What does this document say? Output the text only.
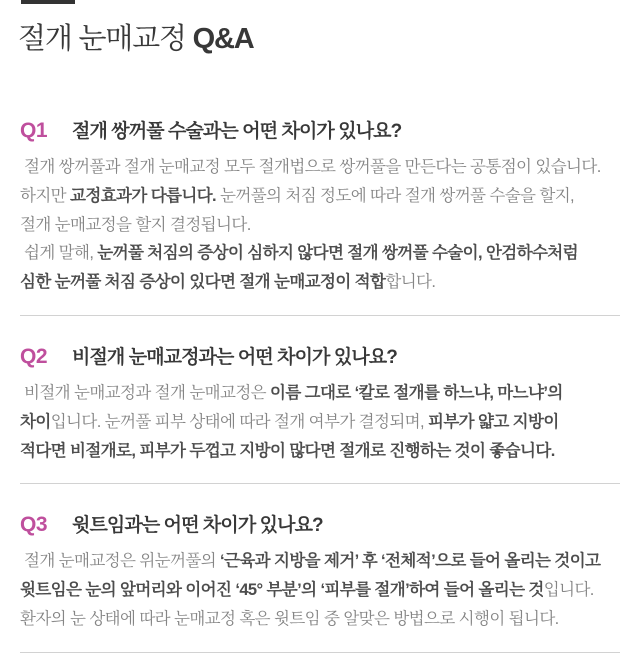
절개 눈매교정 Q&A
Q1	절개 쌍꺼풀 수술과는 어떤 차이가 있나요?
절개 쌍꺼풀과 절개 눈매교정 모두 절개법으로 쌍꺼풀을 만든다는 공통점이 있습니다.
하지만 교정효과가 다릅니다. 눈꺼풀의 처짐 정도에 따라 절개 쌍꺼풀 수술을 할지,
절개 눈매교정을 할지 결정됩니다.
쉽게 말해, 눈꺼풀 처짐의 증상이 심하지 않다면 절개 쌍꺼풀 수술이, 안검하수처럼
심한 눈꺼풀 처짐 증상이 있다면 절개 눈매교정이 적합합니다.
Q2	비절개 눈매교정과는 어떤 차이가 있나요?
비절개 눈매교정과 절개 눈매교정은 이름 그대로 ‘칼로 절개를 하느냐, 마느냐’의
차이입니다. 눈꺼풀 피부 상태에 따라 절개 여부가 결정되며, 피부가 얇고 지방이
적다면 비절개로, 피부가 두껍고 지방이 많다면 절개로 진행하는 것이 좋습니다.
Q3	윗트임과는 어떤 차이가 있나요?
절개 눈매교정은 위눈꺼풀의 ‘근육과 지방을 제거’ 후 ‘전체적’으로 들어 올리는 것이고
윗트임은 눈의 앞머리와 이어진 ‘45° 부분’의 ‘피부를 절개’하여 들어 올리는 것입니다.
환자의 눈 상태에 따라 눈매교정 혹은 윗트임 중 알맞은 방법으로 시행이 됩니다.
